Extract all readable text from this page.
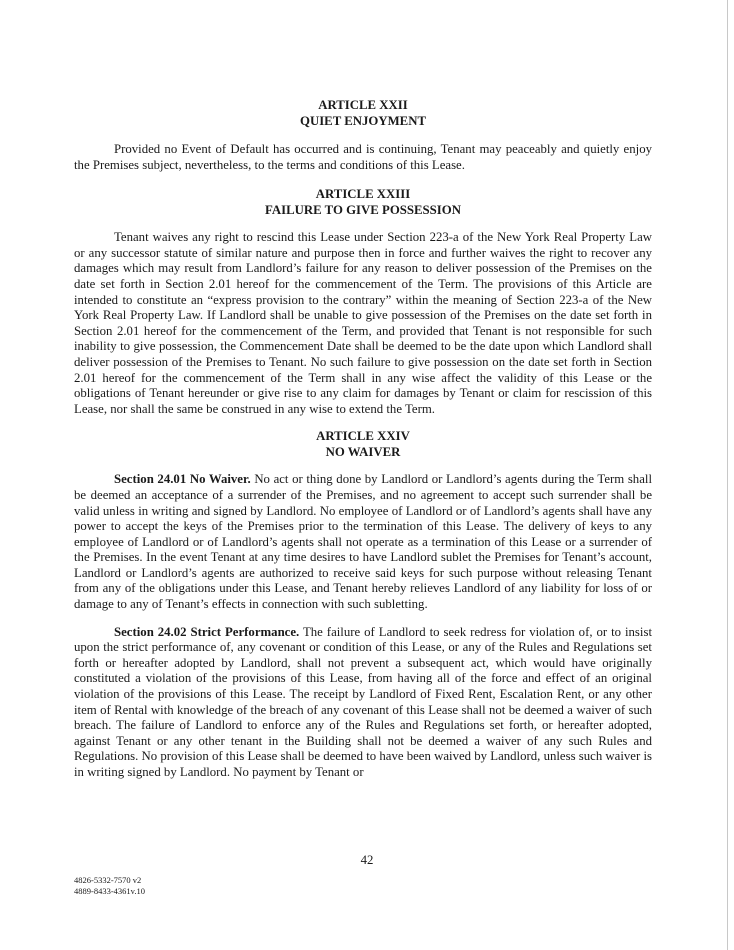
ARTICLE XXII
QUIET ENJOYMENT

Provided no Event of Default has occurred and is continuing, Tenant may peaceably and quietly enjoy the Premises subject, nevertheless, to the terms and conditions of this Lease.

ARTICLE XXIII
FAILURE TO GIVE POSSESSION

Tenant waives any right to rescind this Lease under Section 223-a of the New York Real Property Law or any successor statute of similar nature and purpose then in force and further waives the right to recover any damages which may result from Landlord’s failure for any reason to deliver possession of the Premises on the date set forth in Section 2.01 hereof for the commencement of the Term. The provisions of this Article are intended to constitute an “express provision to the contrary” within the meaning of Section 223-a of the New York Real Property Law. If Landlord shall be unable to give possession of the Premises on the date set forth in Section 2.01 hereof for the commencement of the Term, and provided that Tenant is not responsible for such inability to give possession, the Commencement Date shall be deemed to be the date upon which Landlord shall deliver possession of the Premises to Tenant. No such failure to give possession on the date set forth in Section 2.01 hereof for the commencement of the Term shall in any wise affect the validity of this Lease or the obligations of Tenant hereunder or give rise to any claim for damages by Tenant or claim for rescission of this Lease, nor shall the same be construed in any wise to extend the Term.

ARTICLE XXIV
NO WAIVER

Section 24.01 No Waiver. No act or thing done by Landlord or Landlord’s agents during the Term shall be deemed an acceptance of a surrender of the Premises, and no agreement to accept such surrender shall be valid unless in writing and signed by Landlord. No employee of Landlord or of Landlord’s agents shall have any power to accept the keys of the Premises prior to the termination of this Lease. The delivery of keys to any employee of Landlord or of Landlord’s agents shall not operate as a termination of this Lease or a surrender of the Premises. In the event Tenant at any time desires to have Landlord sublet the Premises for Tenant’s account, Landlord or Landlord’s agents are authorized to receive said keys for such purpose without releasing Tenant from any of the obligations under this Lease, and Tenant hereby relieves Landlord of any liability for loss of or damage to any of Tenant’s effects in connection with such subletting.

Section 24.02 Strict Performance. The failure of Landlord to seek redress for violation of, or to insist upon the strict performance of, any covenant or condition of this Lease, or any of the Rules and Regulations set forth or hereafter adopted by Landlord, shall not prevent a subsequent act, which would have originally constituted a violation of the provisions of this Lease, from having all of the force and effect of an original violation of the provisions of this Lease. The receipt by Landlord of Fixed Rent, Escalation Rent, or any other item of Rental with knowledge of the breach of any covenant of this Lease shall not be deemed a waiver of such breach. The failure of Landlord to enforce any of the Rules and Regulations set forth, or hereafter adopted, against Tenant or any other tenant in the Building shall not be deemed a waiver of any such Rules and Regulations. No provision of this Lease shall be deemed to have been waived by Landlord, unless such waiver is in writing signed by Landlord. No payment by Tenant or

42
4826-5332-7570 v2
4889-8433-4361v.10
